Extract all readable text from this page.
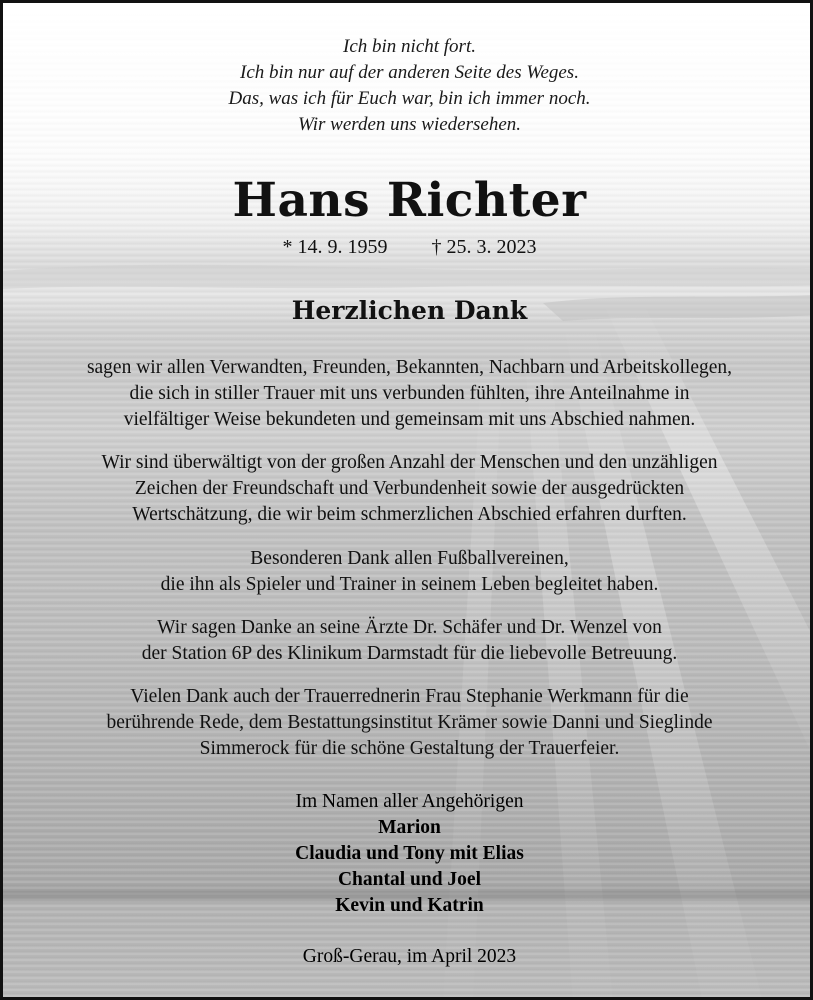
Ich bin nicht fort.
Ich bin nur auf der anderen Seite des Weges.
Das, was ich für Euch war, bin ich immer noch.
Wir werden uns wiedersehen.
Hans Richter
* 14. 9. 1959 † 25. 3. 2023
Herzlichen Dank
sagen wir allen Verwandten, Freunden, Bekannten, Nachbarn und Arbeitskollegen,
die sich in stiller Trauer mit uns verbunden fühlten, ihre Anteilnahme in
vielfältiger Weise bekundeten und gemeinsam mit uns Abschied nahmen.
Wir sind überwältigt von der großen Anzahl der Menschen und den unzähligen
Zeichen der Freundschaft und Verbundenheit sowie der ausgedrückten
Wertschätzung, die wir beim schmerzlichen Abschied erfahren durften.
Besonderen Dank allen Fußballvereinen,
die ihn als Spieler und Trainer in seinem Leben begleitet haben.
Wir sagen Danke an seine Ärzte Dr. Schäfer und Dr. Wenzel von
der Station 6P des Klinikum Darmstadt für die liebevolle Betreuung.
Vielen Dank auch der Trauerrednerin Frau Stephanie Werkmann für die
berührende Rede, dem Bestattungsinstitut Krämer sowie Danni und Sieglinde
Simmerock für die schöne Gestaltung der Trauerfeier.
Im Namen aller Angehörigen
Marion
Claudia und Tony mit Elias
Chantal und Joel
Kevin und Katrin
Groß-Gerau, im April 2023
